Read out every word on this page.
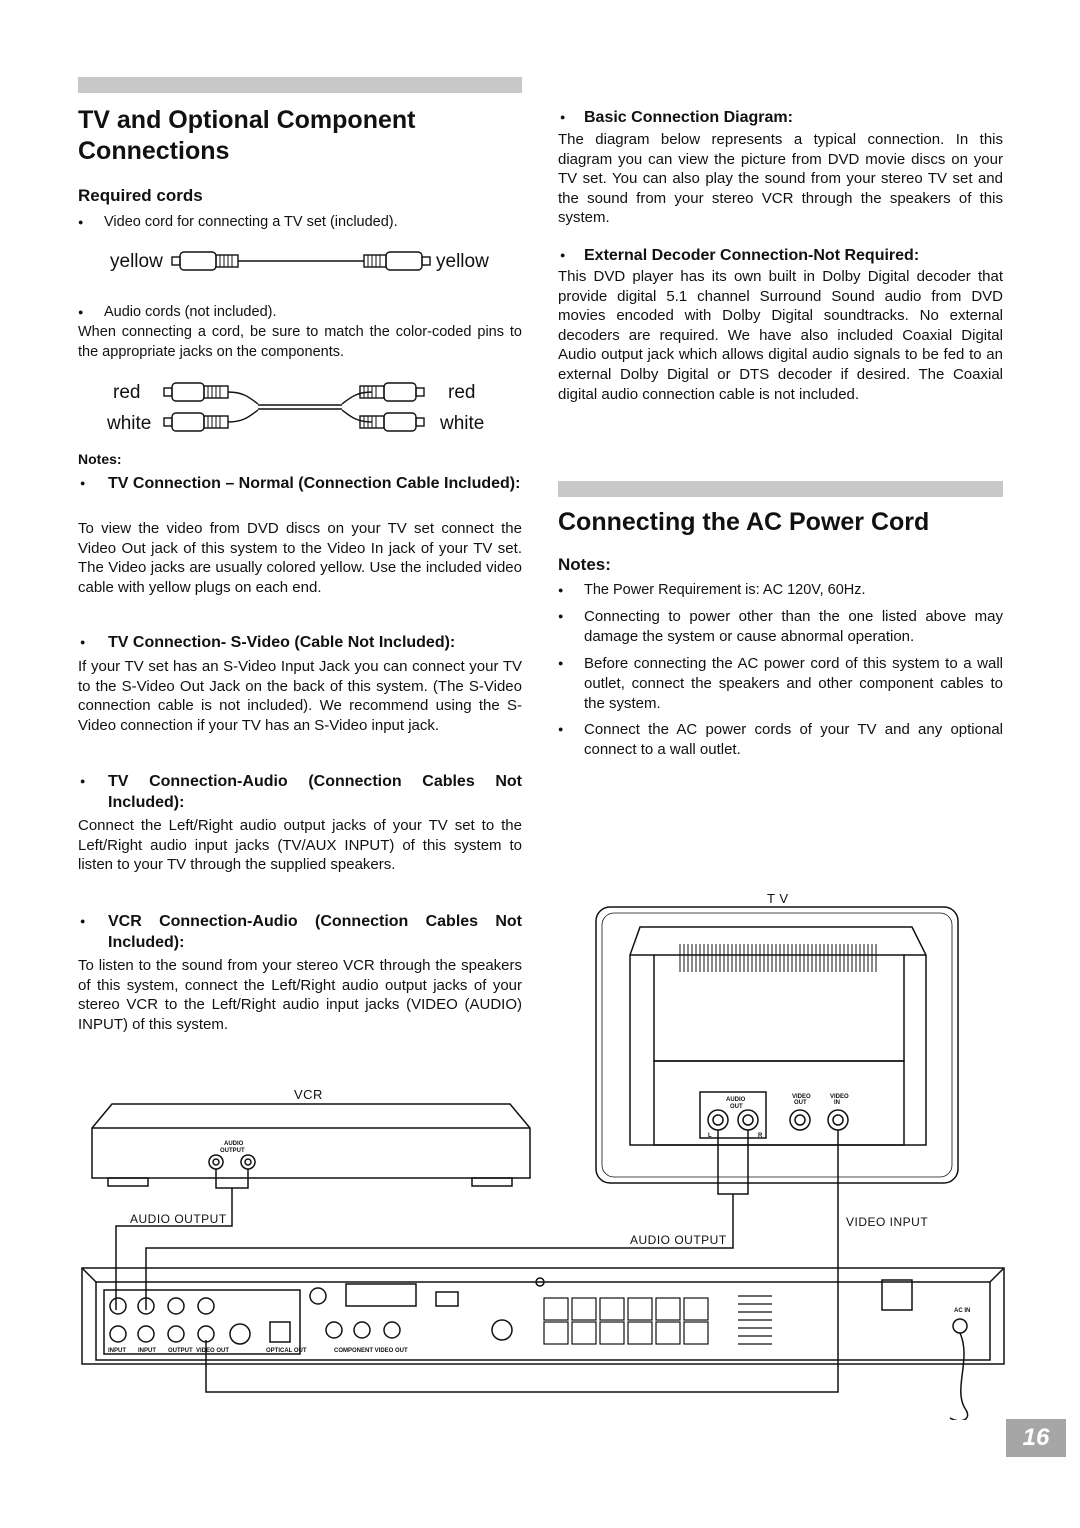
TV and Optional Component
Connections
Required cords
● Video cord for connecting a TV set (included).
yellow	yellow
● Audio cords (not included).
When connecting a cord, be sure to match the color-coded pins to the appropriate jacks on the components.
red	red
white	white
Notes:
● TV Connection – Normal (Connection Cable Included):
To view the video from DVD discs on your TV set connect the Video Out jack of this system to the Video In jack of your TV set. The Video jacks are usually colored yellow. Use the included video cable with yellow plugs on each end.
● TV Connection- S-Video (Cable Not Included):
If your TV set has an S-Video Input Jack you can connect your TV to the S-Video Out Jack on the back of this system. (The S-Video connection cable is not included). We recommend using the S-Video connection if your TV has an S-Video input jack.
● TV Connection-Audio (Connection Cables Not Included):
Connect the Left/Right audio output jacks of your TV set to the Left/Right audio input jacks (TV/AUX INPUT) of this system to listen to your TV through the supplied speakers.
● VCR Connection-Audio (Connection Cables Not Included):
To listen to the sound from your stereo VCR through the speakers of this system, connect the Left/Right audio output jacks of your stereo VCR to the Left/Right audio input jacks (VIDEO (AUDIO) INPUT) of this system.
● Basic Connection Diagram:
The diagram below represents a typical connection. In this diagram you can view the picture from DVD movie discs on your TV set. You can also play the sound from your stereo TV set and the sound from your stereo VCR through the speakers of this system.
● External Decoder Connection-Not Required:
This DVD player has its own built in Dolby Digital decoder that provide digital 5.1 channel Surround Sound audio from DVD movies encoded with Dolby Digital soundtracks. No external decoders are required. We have also included Coaxial Digital Audio output jack which allows digital audio signals to be fed to an external Dolby Digital or DTS decoder if desired. The Coaxial digital audio connection cable is not included.
Connecting the AC Power Cord
Notes:
● The Power Requirement is: AC 120V, 60Hz.
● Connecting to power other than the one listed above may damage the system or cause abnormal operation.
● Before connecting the AC power cord of this system to a wall outlet, connect the speakers and other component cables to the system.
● Connect the AC power cords of your TV and any optional connect to a wall outlet.
AUDIO
OUT
VIDEO
OUT
VIDEO
IN
L	R
AUDIO
OUTPUT
AC IN
INPUT INPUT OUTPUT VIDEO OUT	OPTICAL OUT	COMPONENT VIDEO OUT
T V
VCR
AUDIO OUTPUT
AUDIO OUTPUT
VIDEO INPUT
16
